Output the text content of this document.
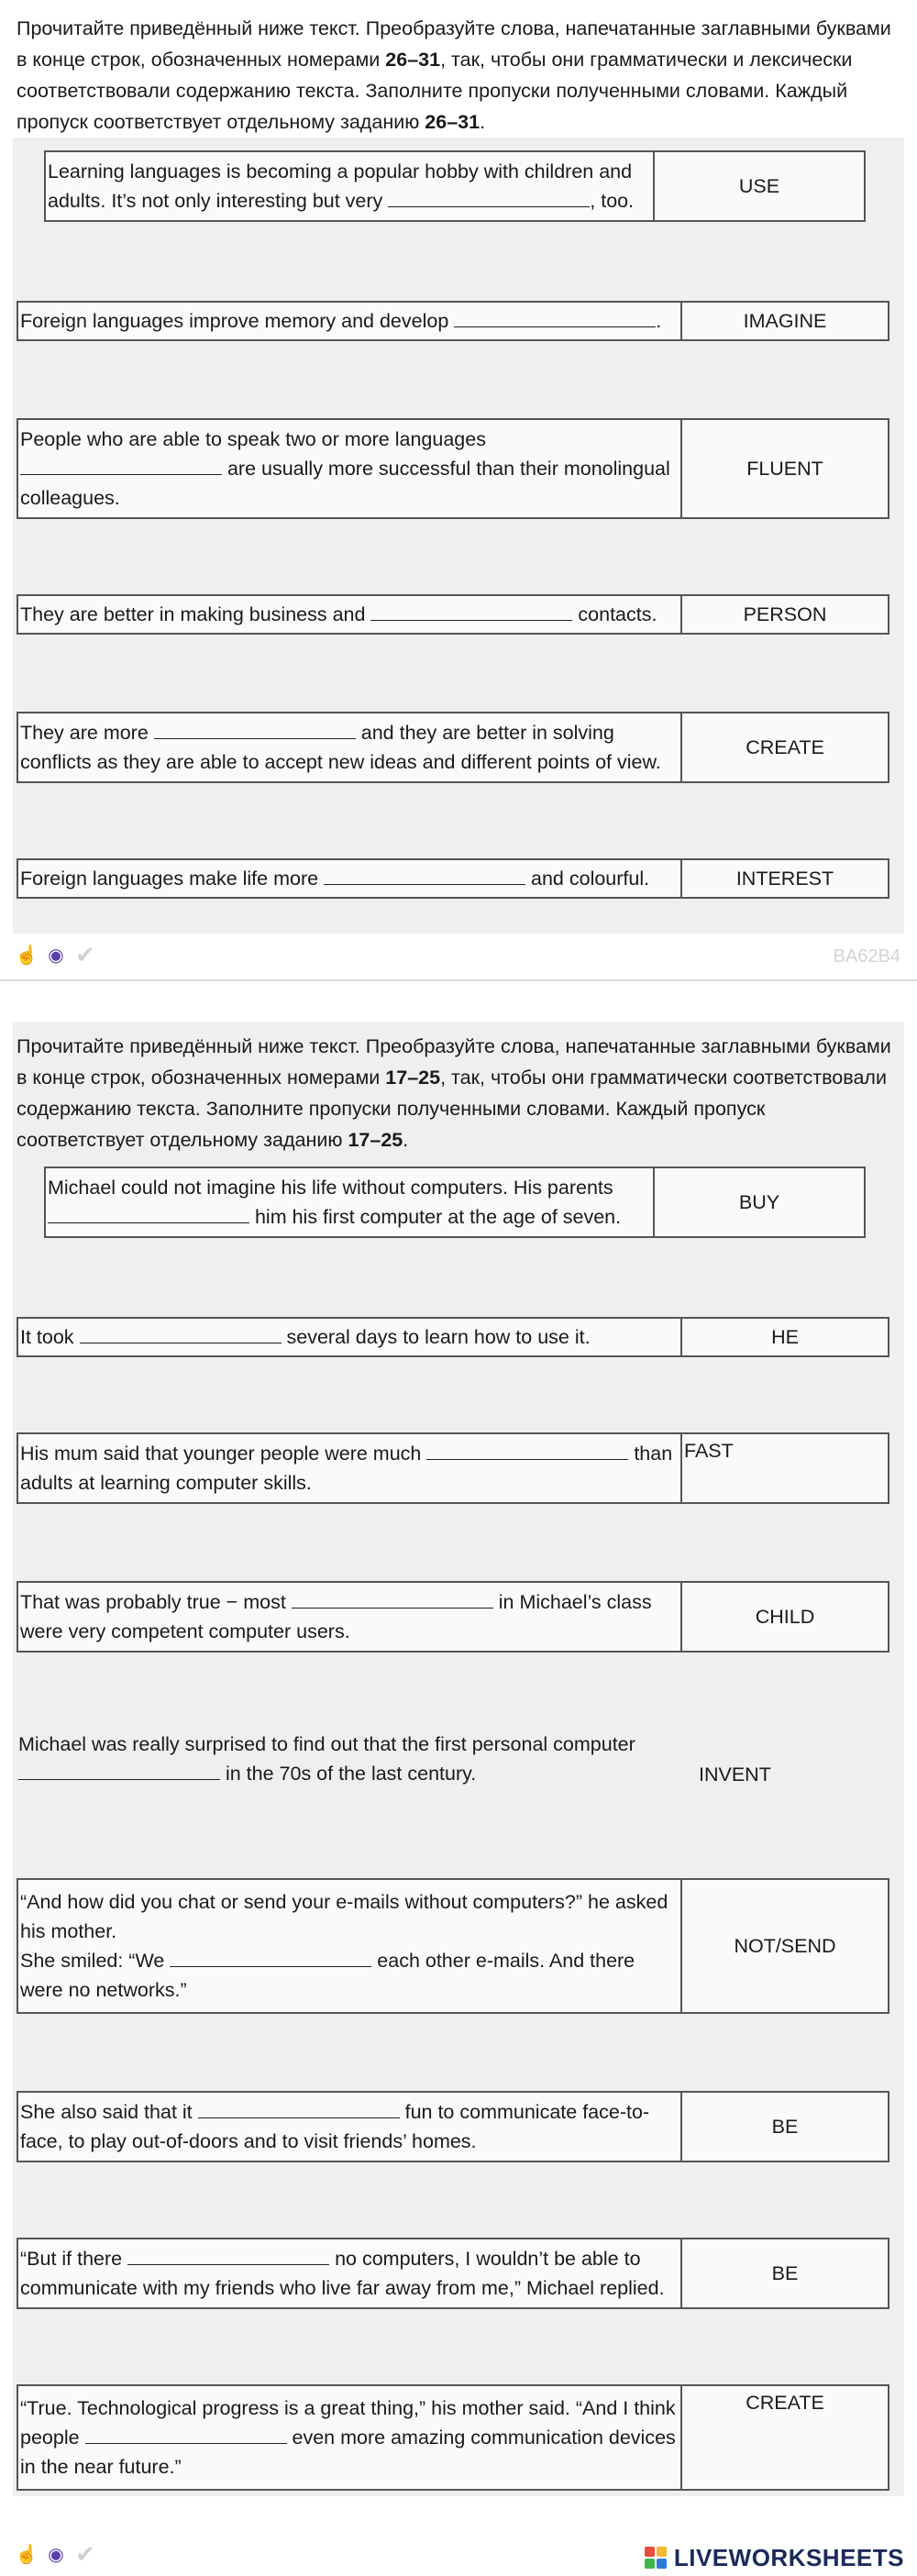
Прочитайте приведённый ниже текст. Преобразуйте слова, напечатанные заглавными буквами в конце строк, обозначенных номерами 26–31, так, чтобы они грамматически и лексически соответствовали содержанию текста. Заполните пропуски полученными словами. Каждый пропуск соответствует отдельному заданию 26–31.
Learning languages is becoming a popular hobby with children and adults. It’s not only interesting but very	, too.
USE
Foreign languages improve memory and develop	.	IMAGINE
People who are able to speak two or more languages
are usually more successful than their monolingual colleagues.
FLUENT
They are better in making business and	contacts.	PERSON
They are more	and they are better in solving conflicts as they are able to accept new ideas and different points of view.
CREATE
Foreign languages make life more	and colourful.	INTEREST
☝ ◉ ✔	BA62B4
Прочитайте приведённый ниже текст. Преобразуйте слова, напечатанные заглавными буквами в конце строк, обозначенных номерами 17–25, так, чтобы они грамматически соответствовали содержанию текста. Заполните пропуски полученными словами. Каждый пропуск соответствует отдельному заданию 17–25.
Michael could not imagine his life without computers. His parents  him his first computer at the age of seven.
BUY
It took	several days to learn how to use it.	HE
His mum said that younger people were much	than adults at learning computer skills.
FAST
That was probably true − most	in Michael’s class were very competent computer users.
CHILD
Michael was really surprised to find out that the first personal computer  in the 70s of the last century.	INVENT
“And how did you chat or send your e-mails without computers?” he asked his mother.
She smiled: “We	each other e-mails. And there were no networks.”
NOT/SEND
She also said that it	fun to communicate face-to-face, to play out-of-doors and to visit friends’ homes.
BE
“But if there	no computers, I wouldn’t be able to communicate with my friends who live far away from me,” Michael replied.
BE
“True. Technological progress is a great thing,” his mother said. “And I think people	even more amazing communication devices in the near future.”
CREATE
☝ ◉ ✔	LIVEWORKSHEETS
